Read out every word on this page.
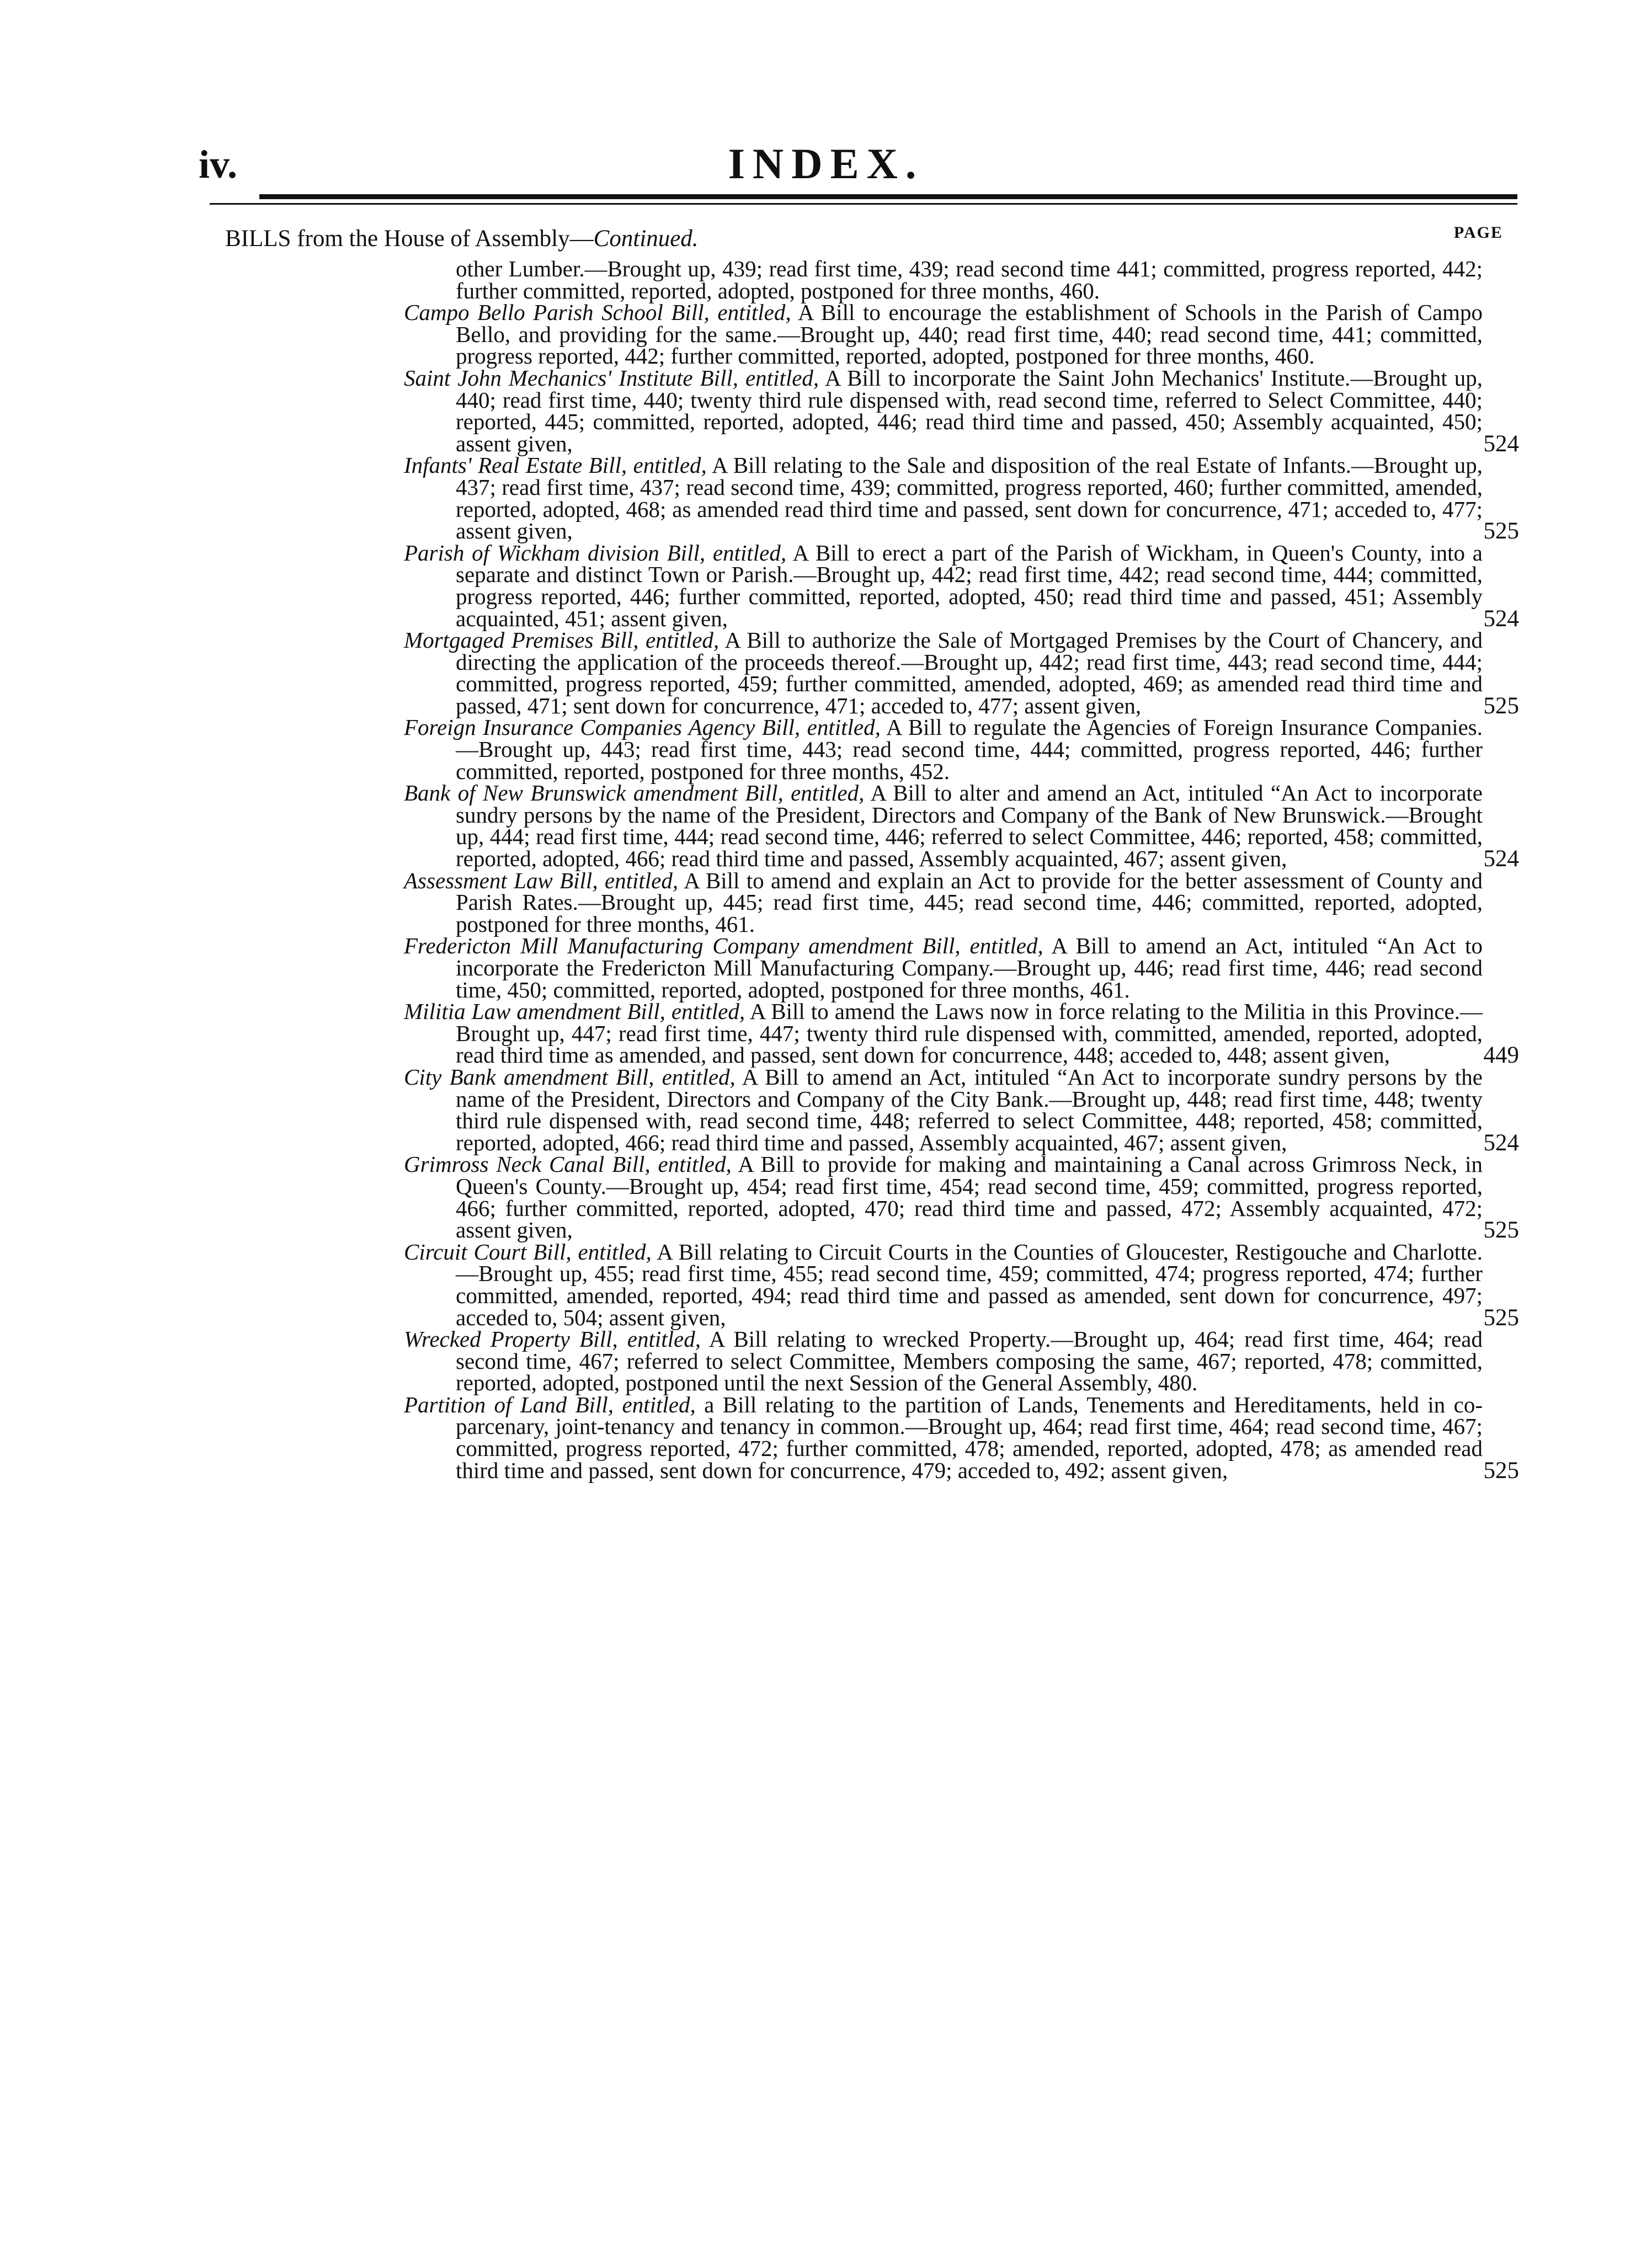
iv.	INDEX.
PAGE
BILLS from the House of Assembly—Continued.

other Lumber.—Brought up, 439; read first time, 439; read second time 441; committed, progress reported, 442; further committed, reported, adopted, postponed for three months, 460.

Campo Bello Parish School Bill, entitled, A Bill to encourage the establishment of Schools in the Parish of Campo Bello, and providing for the same.—Brought up, 440; read first time, 440; read second time, 441; committed, progress reported, 442; further committed, reported, adopted, postponed for three months, 460.

Saint John Mechanics' Institute Bill, entitled, A Bill to incorporate the Saint John Mechanics' Institute.—Brought up, 440; read first time, 440; twenty third rule dispensed with, read second time, referred to Select Committee, 440; reported, 445; committed, reported, adopted, 446; read third time and passed, 450; Assembly acquainted, 450; assent given,	524

Infants' Real Estate Bill, entitled, A Bill relating to the Sale and disposition of the real Estate of Infants.—Brought up, 437; read first time, 437; read second time, 439; committed, progress reported, 460; further committed, amended, reported, adopted, 468; as amended read third time and passed, sent down for concurrence, 471; acceded to, 477; assent given,	525

Parish of Wickham division Bill, entitled, A Bill to erect a part of the Parish of Wickham, in Queen's County, into a separate and distinct Town or Parish.—Brought up, 442; read first time, 442; read second time, 444; committed, progress reported, 446; further committed, reported, adopted, 450; read third time and passed, 451; Assembly acquainted, 451; assent given,	524

Mortgaged Premises Bill, entitled, A Bill to authorize the Sale of Mortgaged Premises by the Court of Chancery, and directing the application of the proceeds thereof.—Brought up, 442; read first time, 443; read second time, 444; committed, progress reported, 459; further committed, amended, adopted, 469; as amended read third time and passed, 471; sent down for concurrence, 471; acceded to, 477; assent given,	525

Foreign Insurance Companies Agency Bill, entitled, A Bill to regulate the Agencies of Foreign Insurance Companies.—Brought up, 443; read first time, 443; read second time, 444; committed, progress reported, 446; further committed, reported, postponed for three months, 452.

Bank of New Brunswick amendment Bill, entitled, A Bill to alter and amend an Act, intituled “An Act to incorporate sundry persons by the name of the President, Directors and Company of the Bank of New Brunswick.—Brought up, 444; read first time, 444; read second time, 446; referred to select Committee, 446; reported, 458; committed, reported, adopted, 466; read third time and passed, Assembly acquainted, 467; assent given,	524

Assessment Law Bill, entitled, A Bill to amend and explain an Act to provide for the better assessment of County and Parish Rates.—Brought up, 445; read first time, 445; read second time, 446; committed, reported, adopted, postponed for three months, 461.

Fredericton Mill Manufacturing Company amendment Bill, entitled, A Bill to amend an Act, intituled “An Act to incorporate the Fredericton Mill Manufacturing Company.—Brought up, 446; read first time, 446; read second time, 450; committed, reported, adopted, postponed for three months, 461.

Militia Law amendment Bill, entitled, A Bill to amend the Laws now in force relating to the Militia in this Province.—Brought up, 447; read first time, 447; twenty third rule dispensed with, committed, amended, reported, adopted, read third time as amended, and passed, sent down for concurrence, 448; acceded to, 448; assent given,	449

City Bank amendment Bill, entitled, A Bill to amend an Act, intituled “An Act to incorporate sundry persons by the name of the President, Directors and Company of the City Bank.—Brought up, 448; read first time, 448; twenty third rule dispensed with, read second time, 448; referred to select Committee, 448; reported, 458; committed, reported, adopted, 466; read third time and passed, Assembly acquainted, 467; assent given,	524

Grimross Neck Canal Bill, entitled, A Bill to provide for making and maintaining a Canal across Grimross Neck, in Queen's County.—Brought up, 454; read first time, 454; read second time, 459; committed, progress reported, 466; further committed, reported, adopted, 470; read third time and passed, 472; Assembly acquainted, 472; assent given,	525

Circuit Court Bill, entitled, A Bill relating to Circuit Courts in the Counties of Gloucester, Restigouche and Charlotte.—Brought up, 455; read first time, 455; read second time, 459; committed, 474; progress reported, 474; further committed, amended, reported, 494; read third time and passed as amended, sent down for concurrence, 497; acceded to, 504; assent given,	525

Wrecked Property Bill, entitled, A Bill relating to wrecked Property.—Brought up, 464; read first time, 464; read second time, 467; referred to select Committee, Members composing the same, 467; reported, 478; committed, reported, adopted, postponed until the next Session of the General Assembly, 480.

Partition of Land Bill, entitled, a Bill relating to the partition of Lands, Tenements and Hereditaments, held in co-parcenary, joint-tenancy and tenancy in common.—Brought up, 464; read first time, 464; read second time, 467; committed, progress reported, 472; further committed, 478; amended, reported, adopted, 478; as amended read third time and passed, sent down for concurrence, 479; acceded to, 492; assent given,	525
